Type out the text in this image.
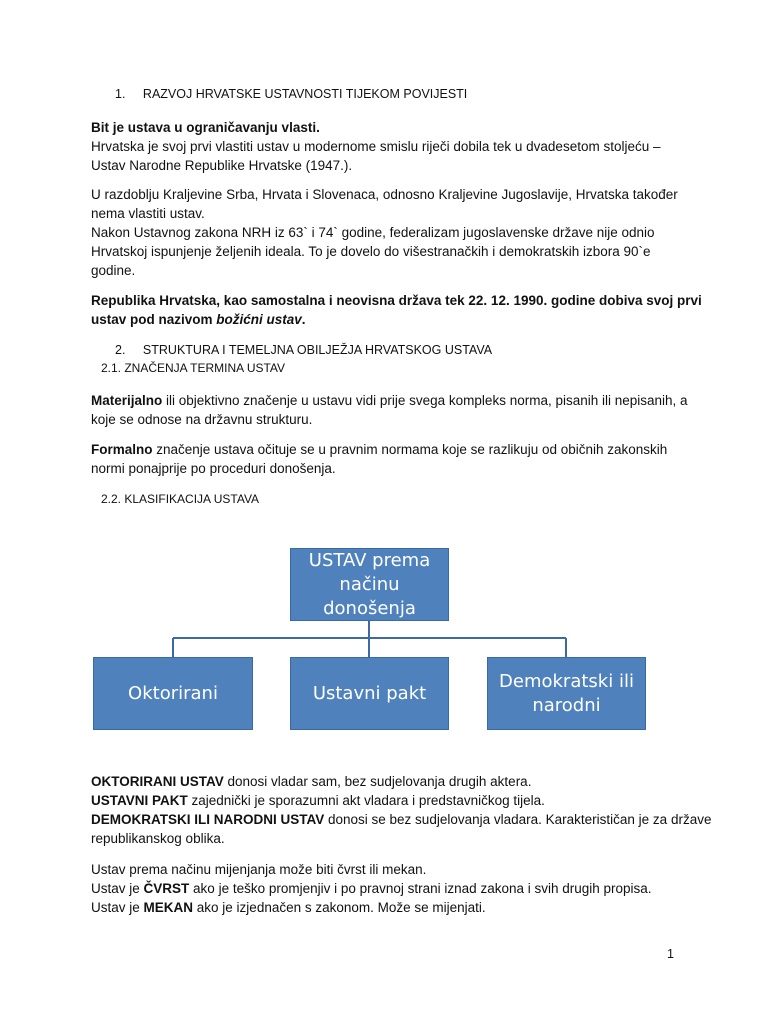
1. RAZVOJ HRVATSKE USTAVNOSTI TIJEKOM POVIJESTI
Bit je ustava u ograničavanju vlasti.
Hrvatska je svoj prvi vlastiti ustav u modernome smislu riječi dobila tek u dvadesetom stoljeću –
Ustav Narodne Republike Hrvatske (1947.).
U razdoblju Kraljevine Srba, Hrvata i Slovenaca, odnosno Kraljevine Jugoslavije, Hrvatska također
nema vlastiti ustav.
Nakon Ustavnog zakona NRH iz 63` i 74` godine, federalizam jugoslavenske države nije odnio
Hrvatskoj ispunjenje željenih ideala. To je dovelo do višestranačkih i demokratskih izbora 90`e
godine.
Republika Hrvatska, kao samostalna i neovisna država tek 22. 12. 1990. godine dobiva svoj prvi
ustav pod nazivom božićni ustav.
2. STRUKTURA I TEMELJNA OBILJEŽJA HRVATSKOG USTAVA
2.1. ZNAČENJA TERMINA USTAV
Materijalno ili objektivno značenje u ustavu vidi prije svega kompleks norma, pisanih ili nepisanih, a
koje se odnose na državnu strukturu.
Formalno značenje ustava očituje se u pravnim normama koje se razlikuju od običnih zakonskih
normi ponajprije po proceduri donošenja.
2.2. KLASIFIKACIJA USTAVA
OKTORIRANI USTAV donosi vladar sam, bez sudjelovanja drugih aktera.
USTAVNI PAKT zajednički je sporazumni akt vladara i predstavničkog tijela.
DEMOKRATSKI ILI NARODNI USTAV donosi se bez sudjelovanja vladara. Karakterističan je za države
republikanskog oblika.
Ustav prema načinu mijenjanja može biti čvrst ili mekan.
Ustav je ČVRST ako je teško promjenjiv i po pravnoj strani iznad zakona i svih drugih propisa.
Ustav je MEKAN ako je izjednačen s zakonom. Može se mijenjati.
USTAV prema
načinu
donošenja
Oktorirani	Ustavni pakt
Demokratski ili
narodni
1
